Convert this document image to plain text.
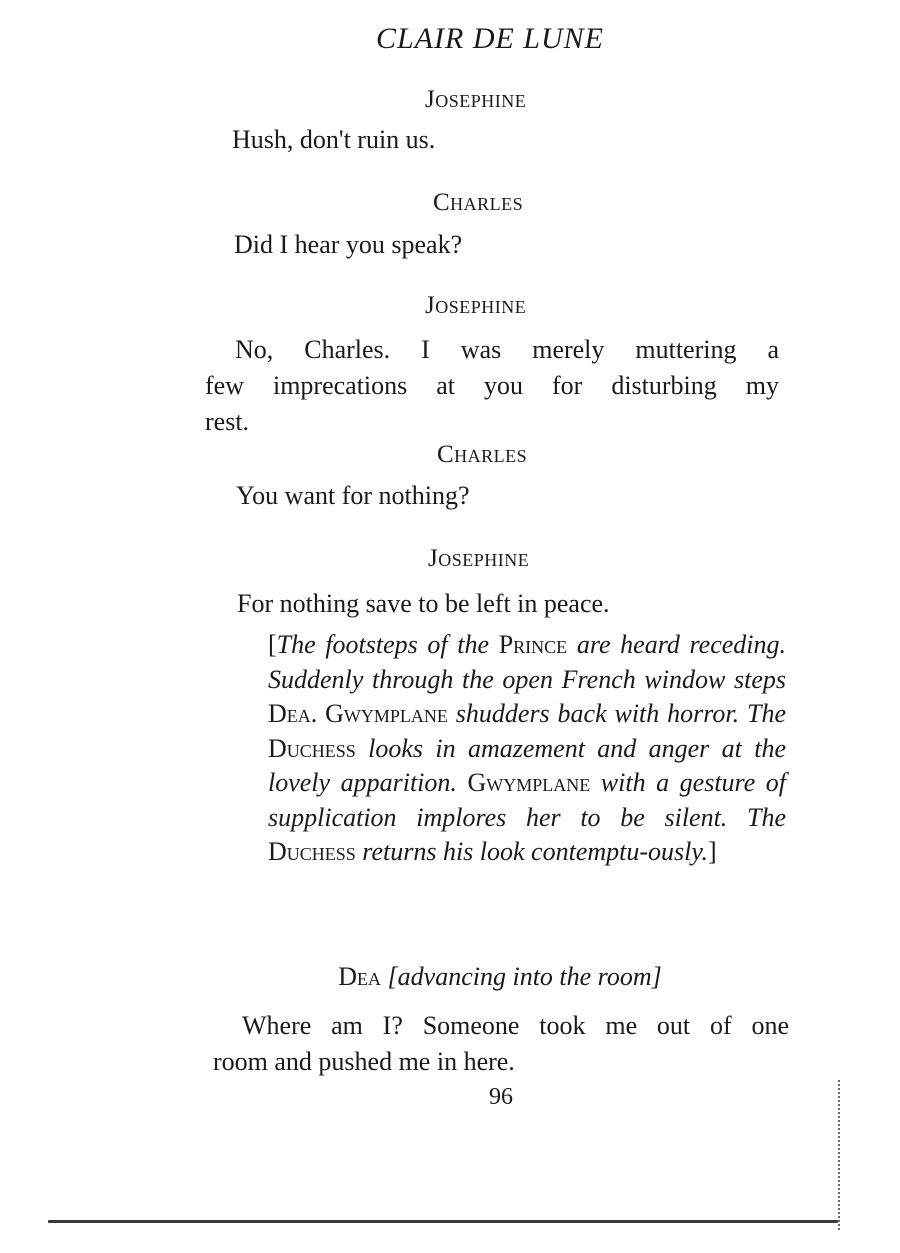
CLAIR DE LUNE
Josephine
Hush, don't ruin us.
Charles
Did I hear you speak?
Josephine
No, Charles. I was merely muttering a
few imprecations at you for disturbing my
rest.
Charles
You want for nothing?
Josephine
For nothing save to be left in peace.
[The footsteps of the Prince are heard receding. Suddenly through the open French window steps Dea. Gwymplane shudders back with horror. The Duchess looks in amazement and anger at the lovely apparition. Gwymplane with a gesture of supplication implores her to be silent. The Duchess returns his look contemptu-ously.]
Dea [advancing into the room]
Where am I? Someone took me out of one
room and pushed me in here.
96
